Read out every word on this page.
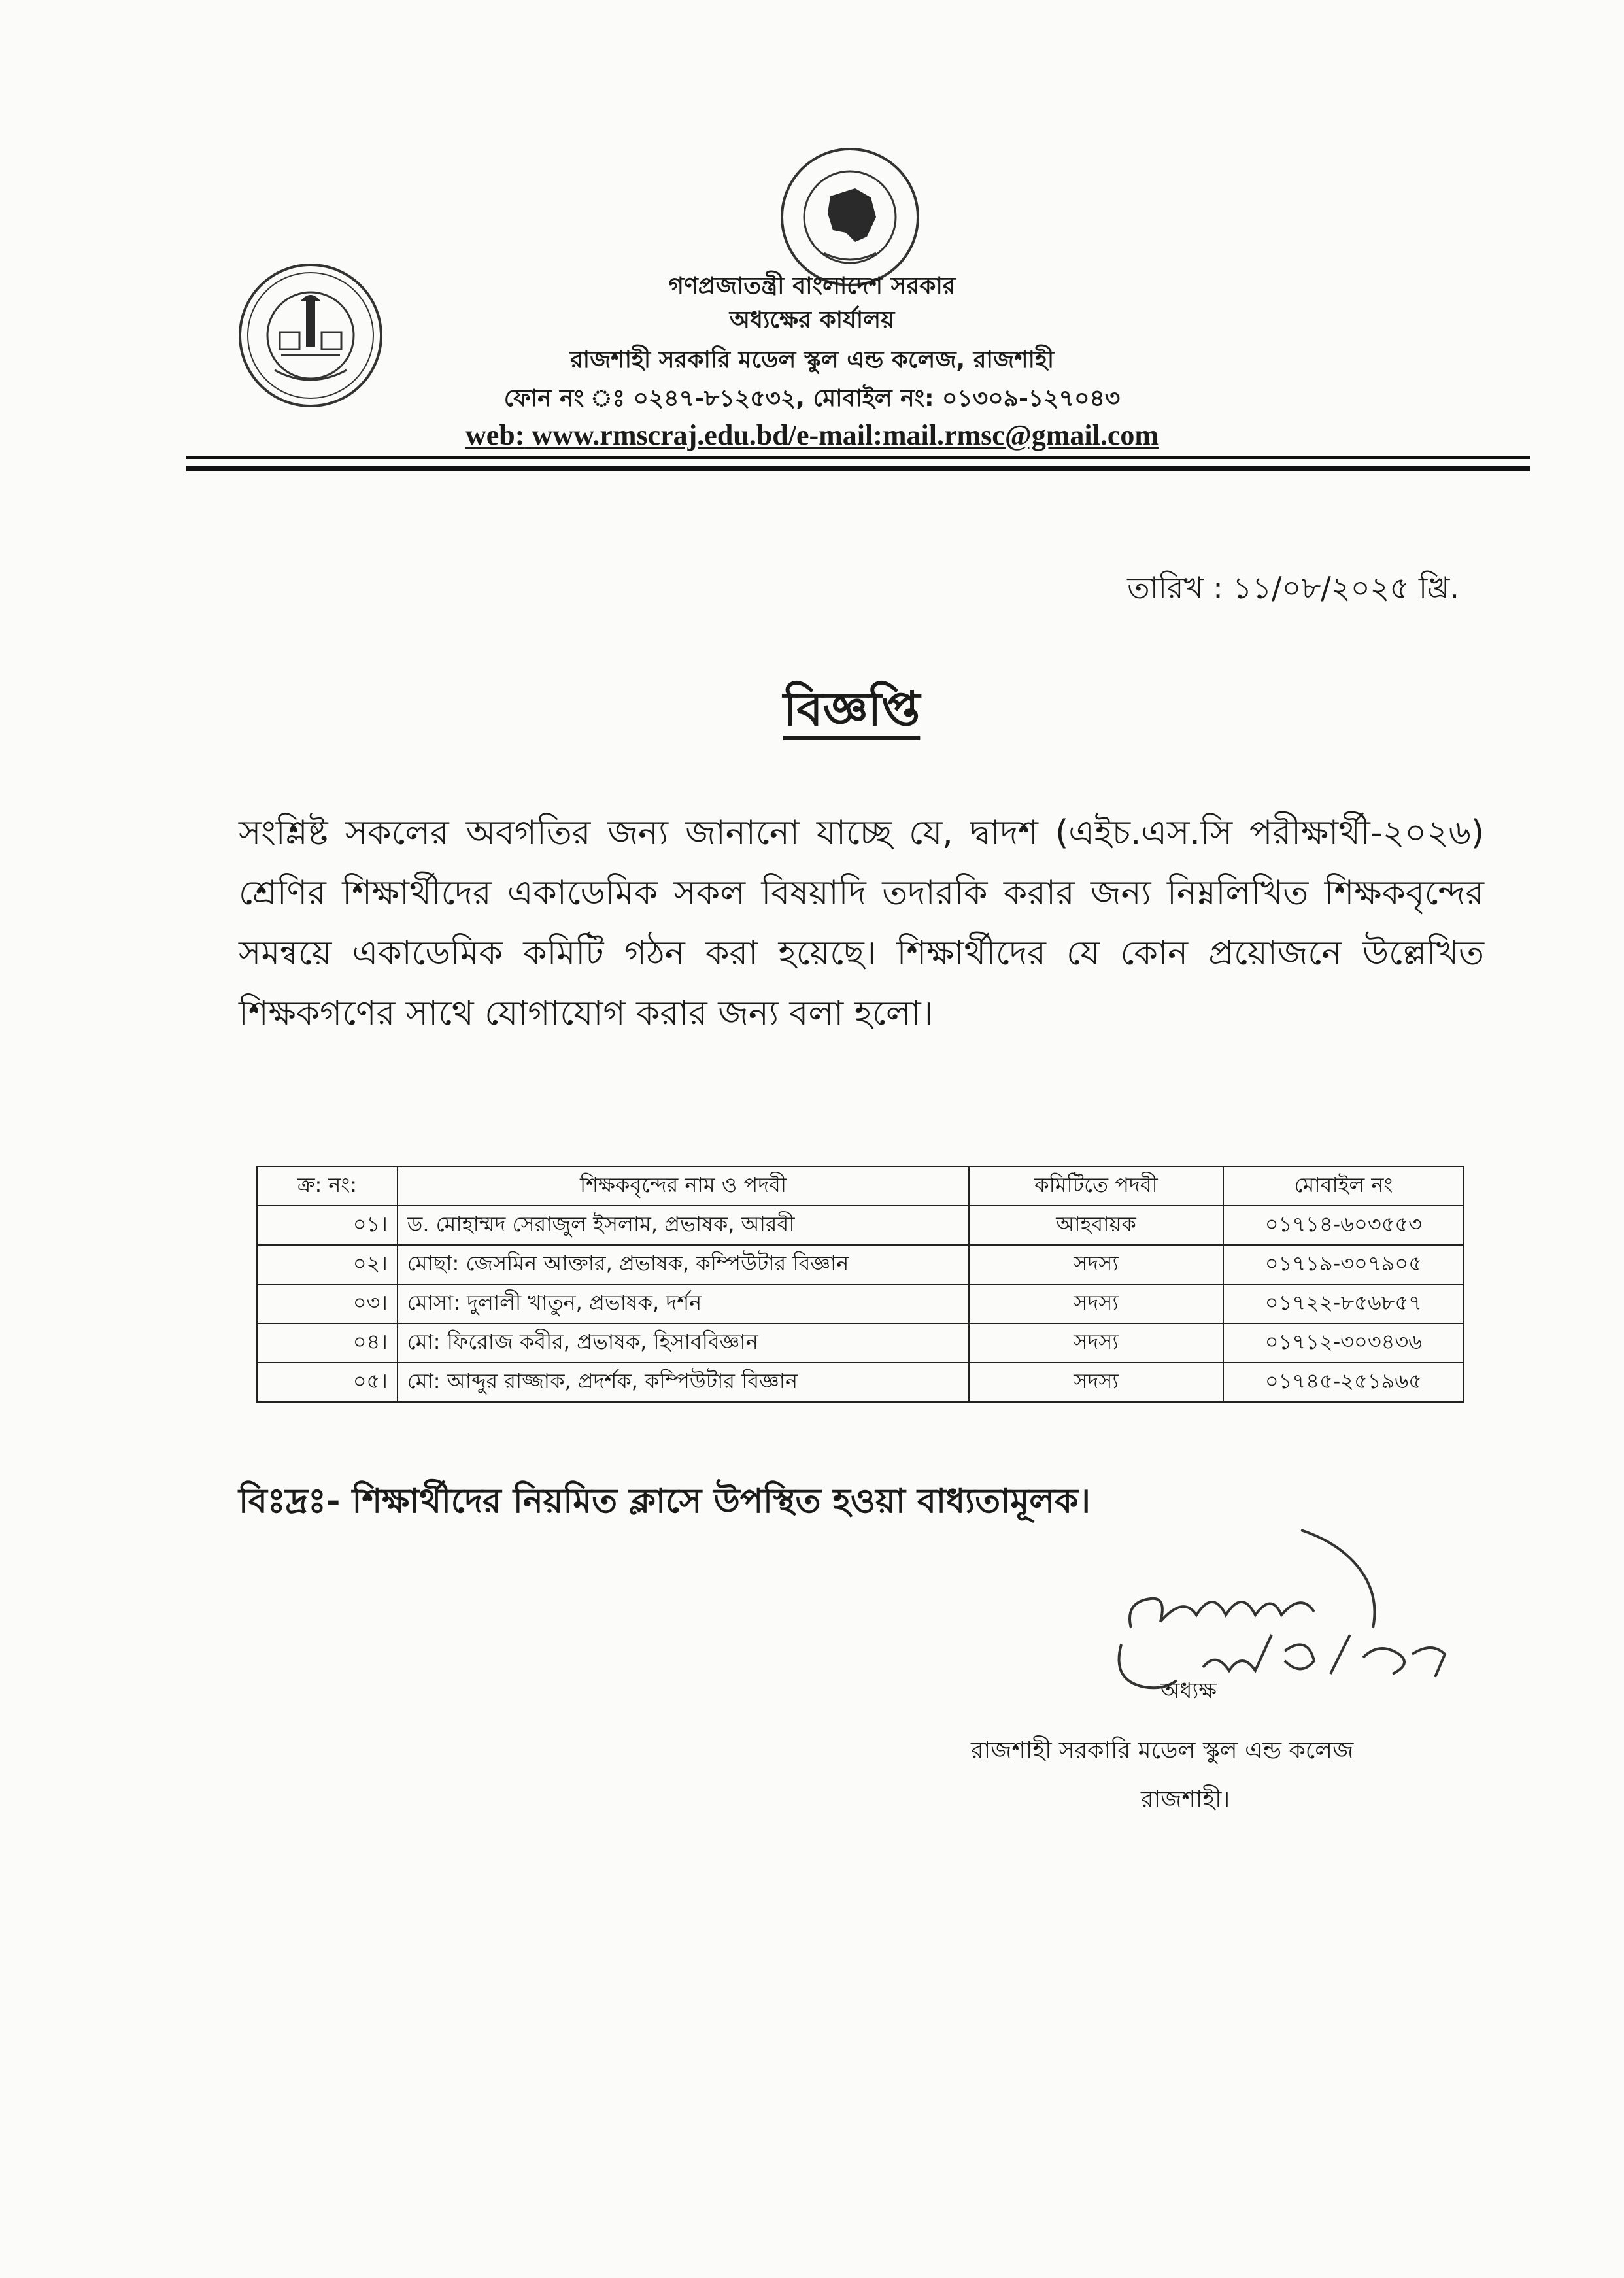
গণপ্রজাতন্ত্রী বাংলাদেশ সরকার
অধ্যক্ষের কার্যালয়
রাজশাহী সরকারি মডেল স্কুল এন্ড কলেজ, রাজশাহী
ফোন নং ঃ ০২৪৭-৮১২৫৩২, মোবাইল নং: ০১৩০৯-১২৭০৪৩
web: www.rmscraj.edu.bd/e-mail:mail.rmsc@gmail.com
তারিখ : ১১/০৮/২০২৫ খ্রি.
বিজ্ঞপ্তি
সংশ্লিষ্ট সকলের অবগতির জন্য জানানো যাচ্ছে যে, দ্বাদশ (এইচ.এস.সি পরীক্ষার্থী-২০২৬) শ্রেণির শিক্ষার্থীদের একাডেমিক সকল বিষয়াদি তদারকি করার জন্য নিম্নলিখিত শিক্ষকবৃন্দের সমন্বয়ে একাডেমিক কমিটি গঠন করা হয়েছে। শিক্ষার্থীদের যে কোন প্রয়োজনে উল্লেখিত শিক্ষকগণের সাথে যোগাযোগ করার জন্য বলা হলো।
ক্র: নং:	শিক্ষকবৃন্দের নাম ও পদবী	কমিটিতে পদবী	মোবাইল নং
০১।	ড. মোহাম্মদ সেরাজুল ইসলাম, প্রভাষক, আরবী	আহবায়ক	০১৭১৪-৬০৩৫৫৩
০২।	মোছা: জেসমিন আক্তার, প্রভাষক, কম্পিউটার বিজ্ঞান	সদস্য	০১৭১৯-৩০৭৯০৫
০৩।	মোসা: দুলালী খাতুন, প্রভাষক, দর্শন	সদস্য	০১৭২২-৮৫৬৮৫৭
০৪।	মো: ফিরোজ কবীর, প্রভাষক, হিসাববিজ্ঞান	সদস্য	০১৭১২-৩০৩৪৩৬
০৫।	মো: আব্দুর রাজ্জাক, প্রদর্শক, কম্পিউটার বিজ্ঞান	সদস্য	০১৭৪৫-২৫১৯৬৫
বিঃদ্রঃ- শিক্ষার্থীদের নিয়মিত ক্লাসে উপস্থিত হওয়া বাধ্যতামূলক।
অধ্যক্ষ
রাজশাহী সরকারি মডেল স্কুল এন্ড কলেজ
রাজশাহী।
